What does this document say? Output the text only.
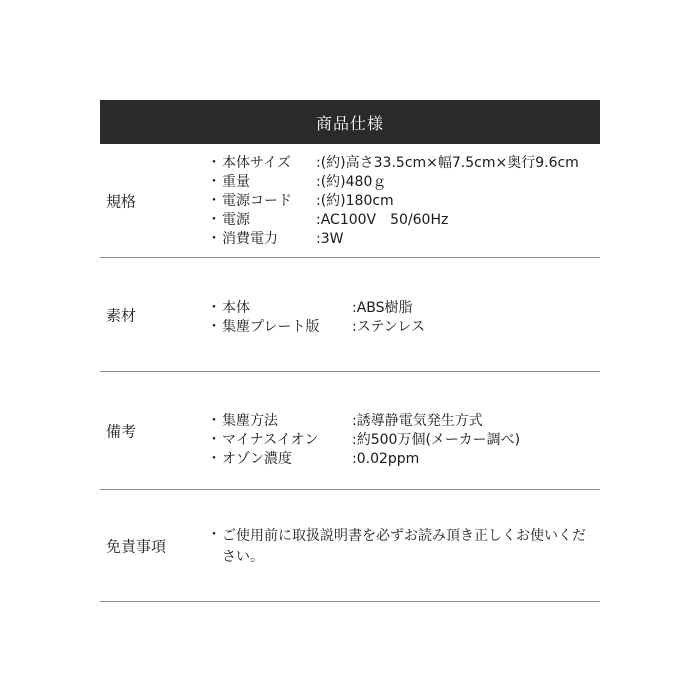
商品仕様
規格
・ 本体サイズ	: (約)高さ33.5cm×幅7.5cm×奥行9.6cm
・ 重量	: (約)480ｇ
・ 電源コード	: (約)180cm
・ 電源	: AC100V　50/60Hz
・ 消費電力	: 3W
素材	・ 本体	: ABS樹脂
・ 集塵プレート版	: ステンレス
備考
・ 集塵方法	: 誘導静電気発生方式
・ マイナスイオン	: 約500万個(メーカー調べ)
・ オゾン濃度	: 0.02ppm
免責事項
・ ご使用前に取扱説明書を必ずお読み頂き正しくお使いください。
